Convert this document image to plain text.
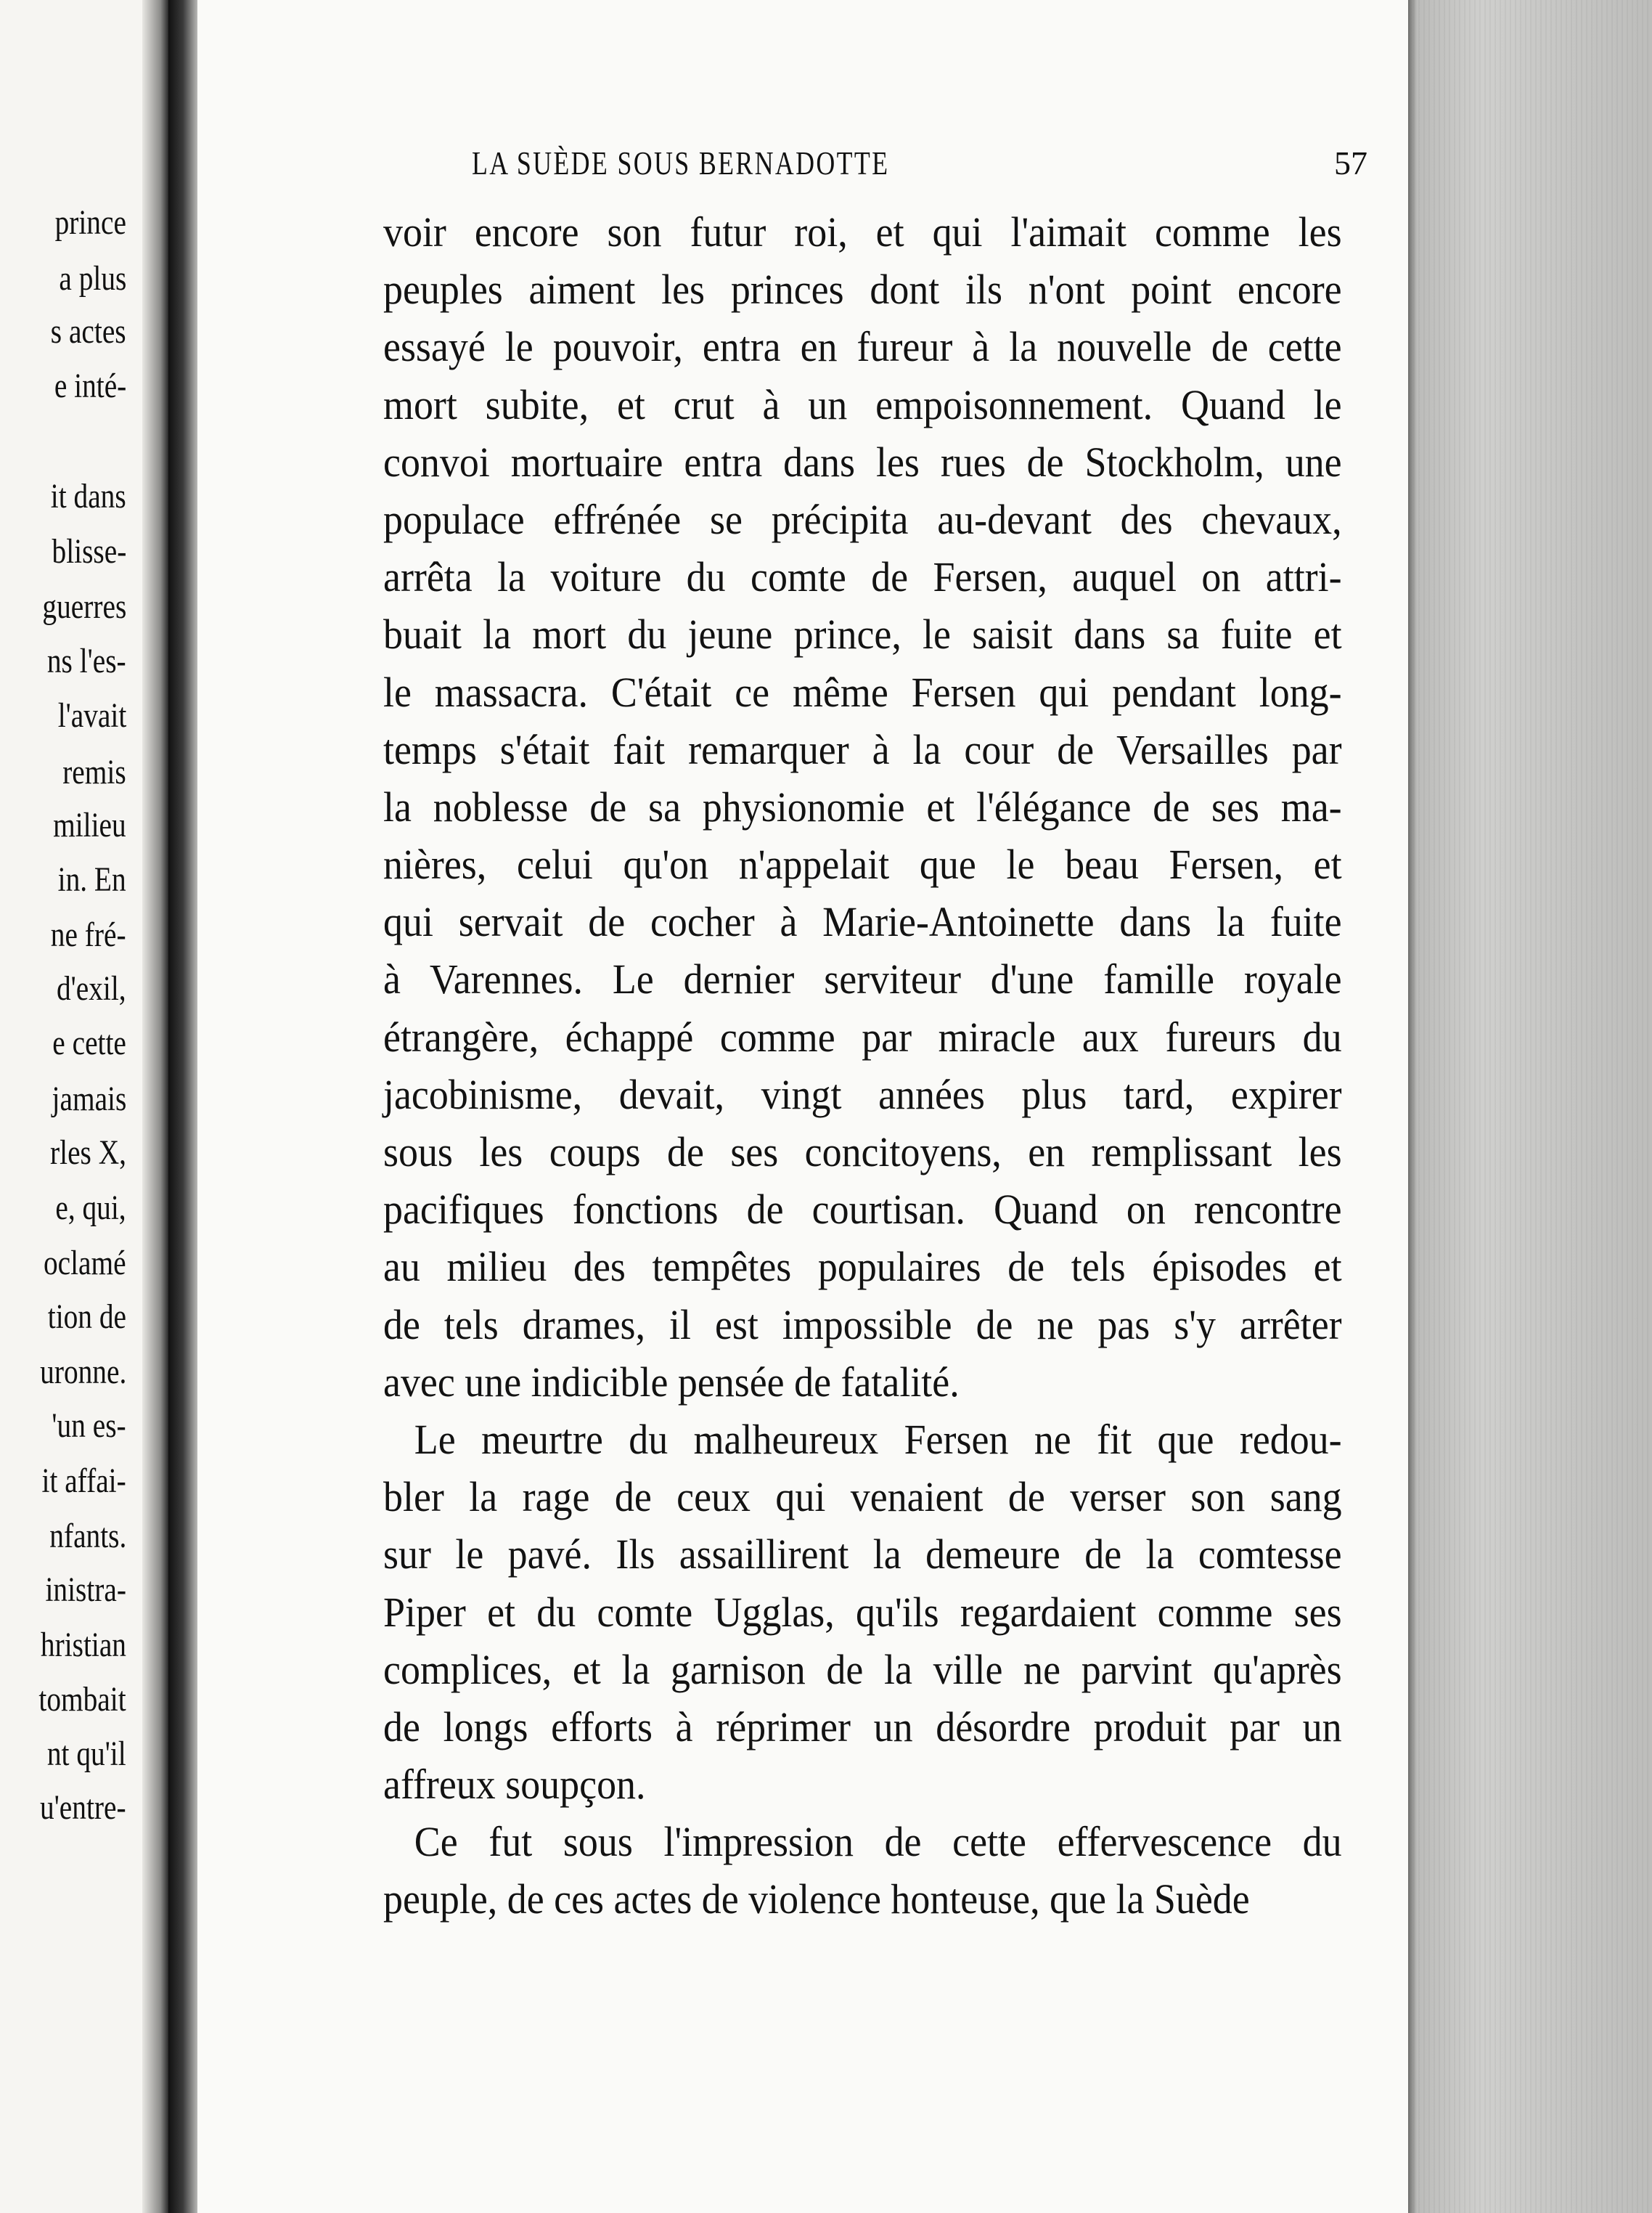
prince
a plus
s actes
e inté-
it dans
blisse-
guerres
ns l'es-
l'avait
remis
milieu
in. En
ne fré-
d'exil,
e cette
jamais
rles X,
e, qui,
oclamé
tion de
uronne.
'un es-
it affai-
nfants.
inistra-
hristian
tombait
nt qu'il
u'entre-
LA SUÈDE SOUS BERNADOTTE	57
voir encore son futur roi, et qui l'aimait comme les
peuples aiment les princes dont ils n'ont point encore
essayé le pouvoir, entra en fureur à la nouvelle de cette
mort subite, et crut à un empoisonnement. Quand le
convoi mortuaire entra dans les rues de Stockholm, une
populace effrénée se précipita au-devant des chevaux,
arrêta la voiture du comte de Fersen, auquel on attri-
buait la mort du jeune prince, le saisit dans sa fuite et
le massacra. C'était ce même Fersen qui pendant long-
temps s'était fait remarquer à la cour de Versailles par
la noblesse de sa physionomie et l'élégance de ses ma-
nières, celui qu'on n'appelait que le beau Fersen, et
qui servait de cocher à Marie-Antoinette dans la fuite
à Varennes. Le dernier serviteur d'une famille royale
étrangère, échappé comme par miracle aux fureurs du
jacobinisme, devait, vingt années plus tard, expirer
sous les coups de ses concitoyens, en remplissant les
pacifiques fonctions de courtisan. Quand on rencontre
au milieu des tempêtes populaires de tels épisodes et
de tels drames, il est impossible de ne pas s'y arrêter
avec une indicible pensée de fatalité.
Le meurtre du malheureux Fersen ne fit que redou-
bler la rage de ceux qui venaient de verser son sang
sur le pavé. Ils assaillirent la demeure de la comtesse
Piper et du comte Ugglas, qu'ils regardaient comme ses
complices, et la garnison de la ville ne parvint qu'après
de longs efforts à réprimer un désordre produit par un
affreux soupçon.
Ce fut sous l'impression de cette effervescence du
peuple, de ces actes de violence honteuse, que la Suède
